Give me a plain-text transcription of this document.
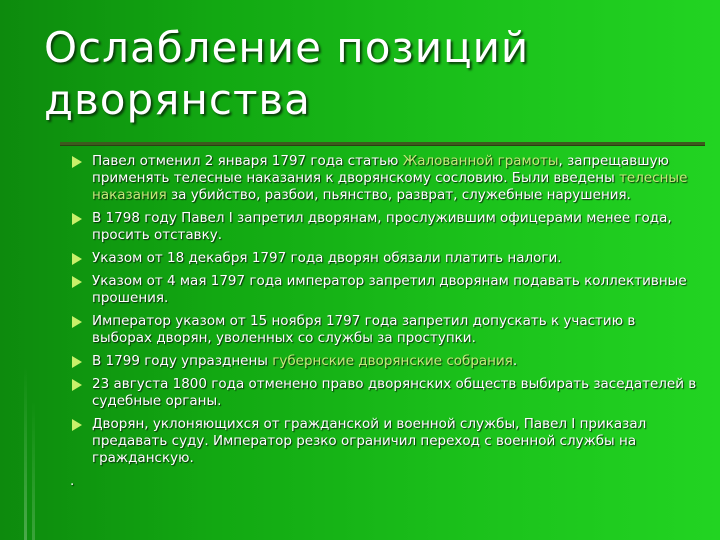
Ослабление позиций дворянства
Павел отменил 2 января 1797 года статью Жалованной грамоты, запрещавшую применять телесные наказания к дворянскому сословию. Были введены телесные наказания за убийство, разбои, пьянство, разврат, служебные нарушения.
В 1798 году Павел I запретил дворянам, прослужившим офицерами менее года, просить отставку.
Указом от 18 декабря 1797 года дворян обязали платить налоги.
Указом от 4 мая 1797 года император запретил дворянам подавать коллективные прошения.
Император указом от 15 ноября 1797 года запретил допускать к участию в выборах дворян, уволенных со службы за проступки.
В 1799 году упразднены губернские дворянские собрания.
23 августа 1800 года отменено право дворянских обществ выбирать заседателей в судебные органы.
Дворян, уклоняющихся от гражданской и военной службы, Павел I приказал предавать суду. Император резко ограничил переход с военной службы на гражданскую.
.
